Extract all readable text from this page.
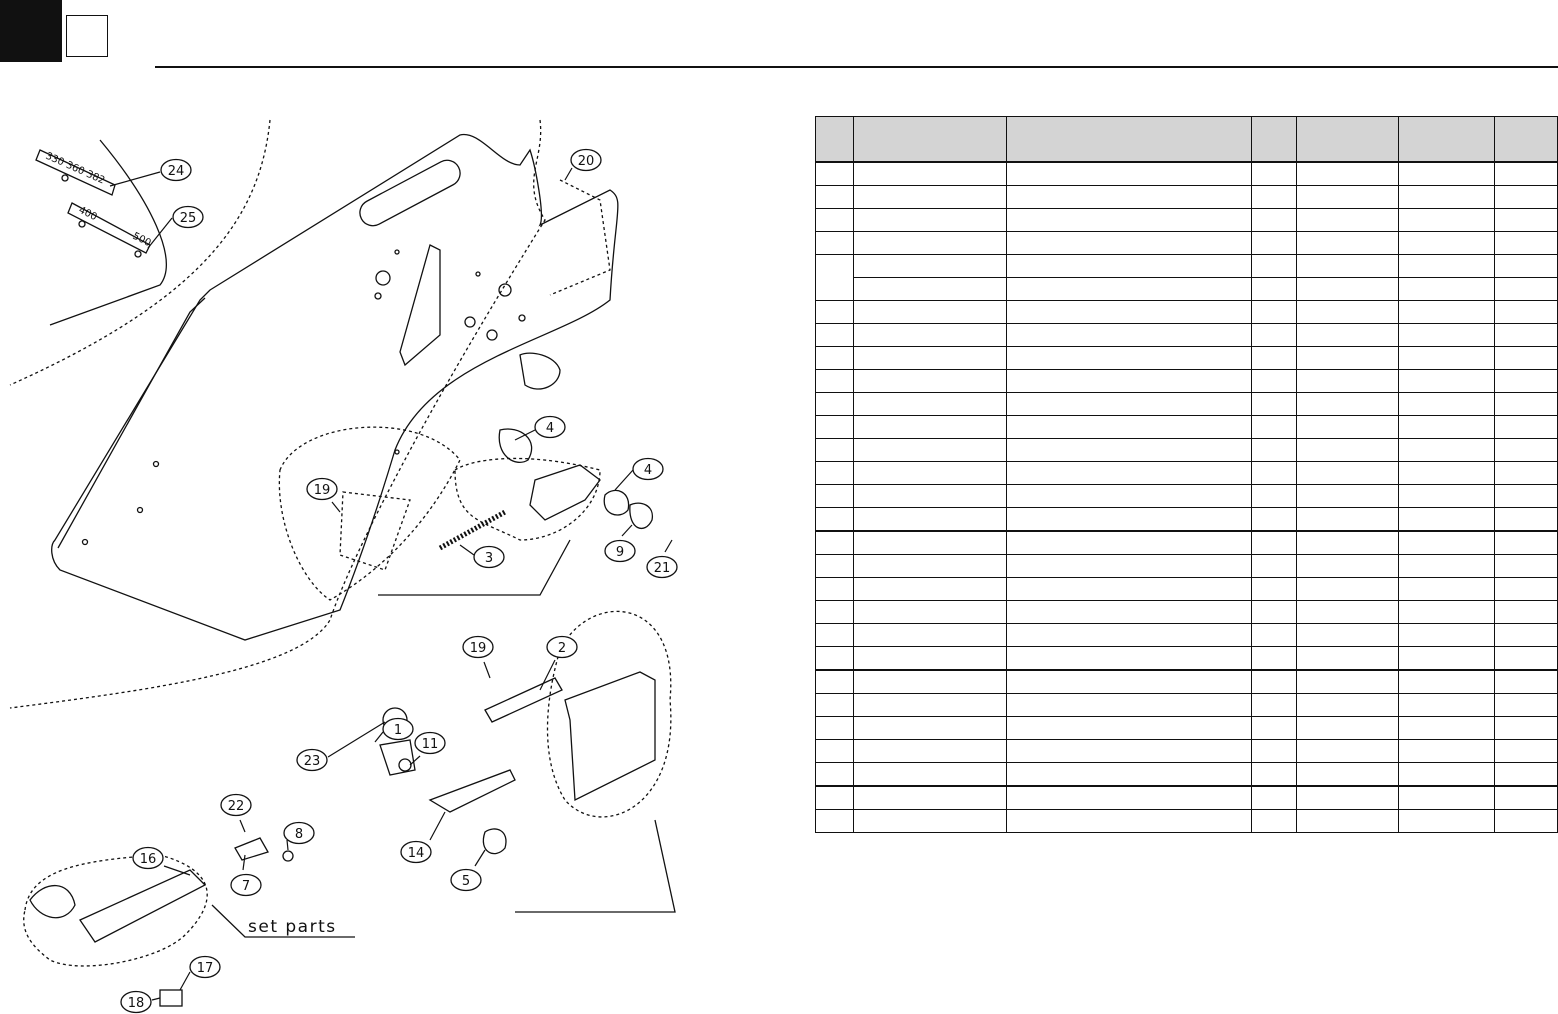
330 360 382
400
500
set parts
24
25
20
4
4
19
3	9
21
19	2
1
11
23
22
8
16
7
14
5
17
18
